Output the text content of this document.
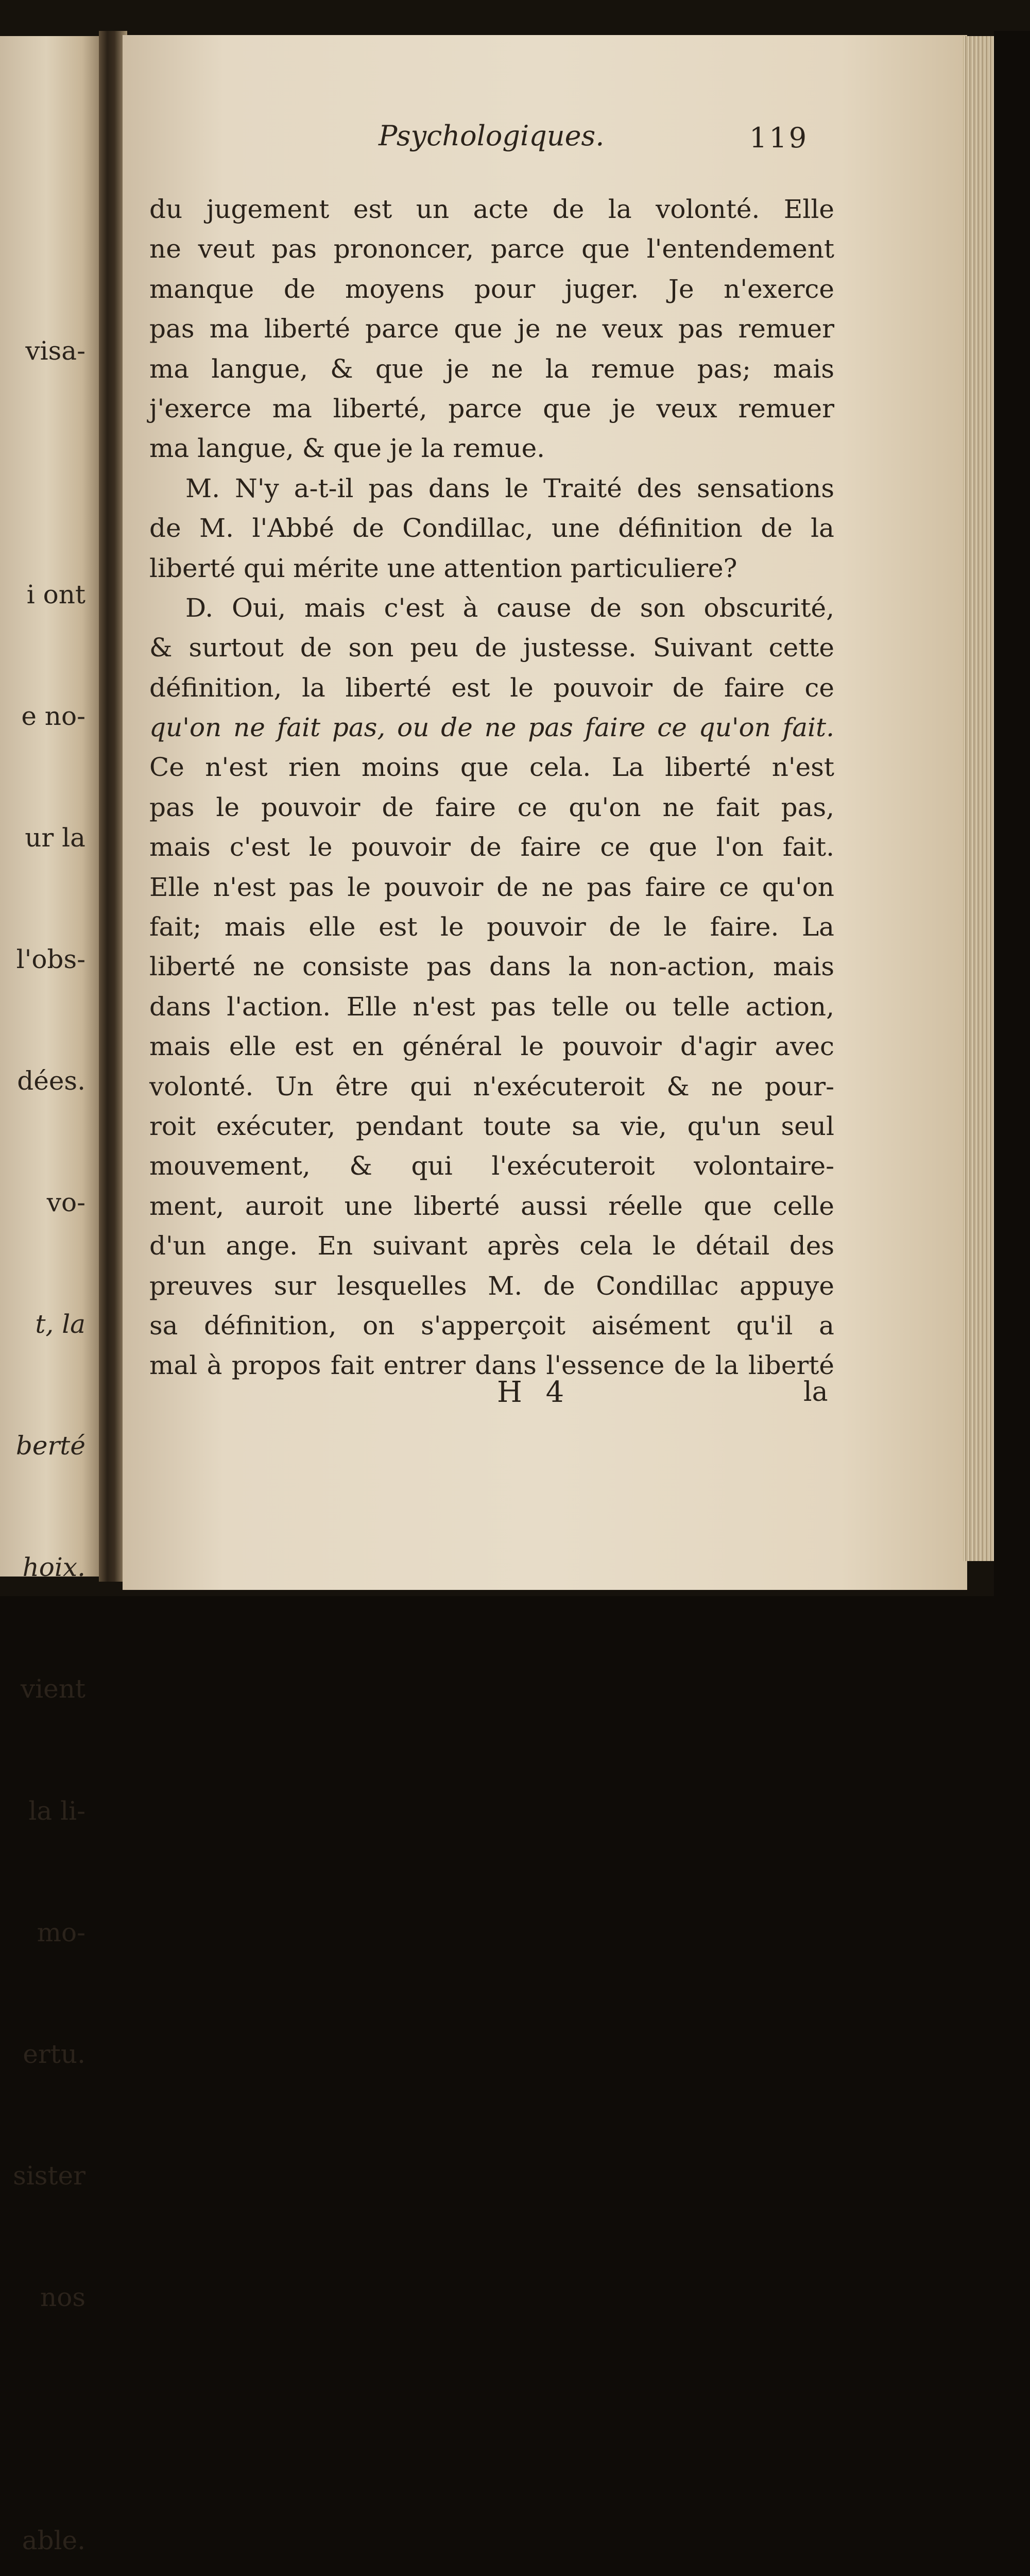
visa-

i ont

e no-

ur la

l'obs-

dées.

vo-

t, la

berté

hoix.

vient

la li-

mo-

ertu.

sister

nos

able.

Psychologiques.	119
du jugement est un acte de la volonté. Elle
ne veut pas prononcer, parce que l'entendement
manque de moyens pour juger. Je n'exerce
pas ma liberté parce que je ne veux pas remuer
ma langue, & que je ne la remue pas; mais
j'exerce ma liberté, parce que je veux remuer
ma langue, & que je la remue.
M. N'y a-t-il pas dans le Traité des sensations
de M. l'Abbé de Condillac, une définition de la
liberté qui mérite une attention particuliere?
D. Oui, mais c'est à cause de son obscurité,
& surtout de son peu de justesse. Suivant cette
définition, la liberté est le pouvoir de faire ce
qu'on ne fait pas, ou de ne pas faire ce qu'on fait.
Ce n'est rien moins que cela. La liberté n'est
pas le pouvoir de faire ce qu'on ne fait pas,
mais c'est le pouvoir de faire ce que l'on fait.
Elle n'est pas le pouvoir de ne pas faire ce qu'on
fait; mais elle est le pouvoir de le faire. La
liberté ne consiste pas dans la non-action, mais
dans l'action. Elle n'est pas telle ou telle action,
mais elle est en général le pouvoir d'agir avec
volonté. Un être qui n'exécuteroit & ne pour-
roit exécuter, pendant toute sa vie, qu'un seul
mouvement, & qui l'exécuteroit volontaire-
ment, auroit une liberté aussi réelle que celle
d'un ange. En suivant après cela le détail des
preuves sur lesquelles M. de Condillac appuye
sa définition, on s'apperçoit aisément qu'il a
mal à propos fait entrer dans l'essence de la liberté
H 4	la
